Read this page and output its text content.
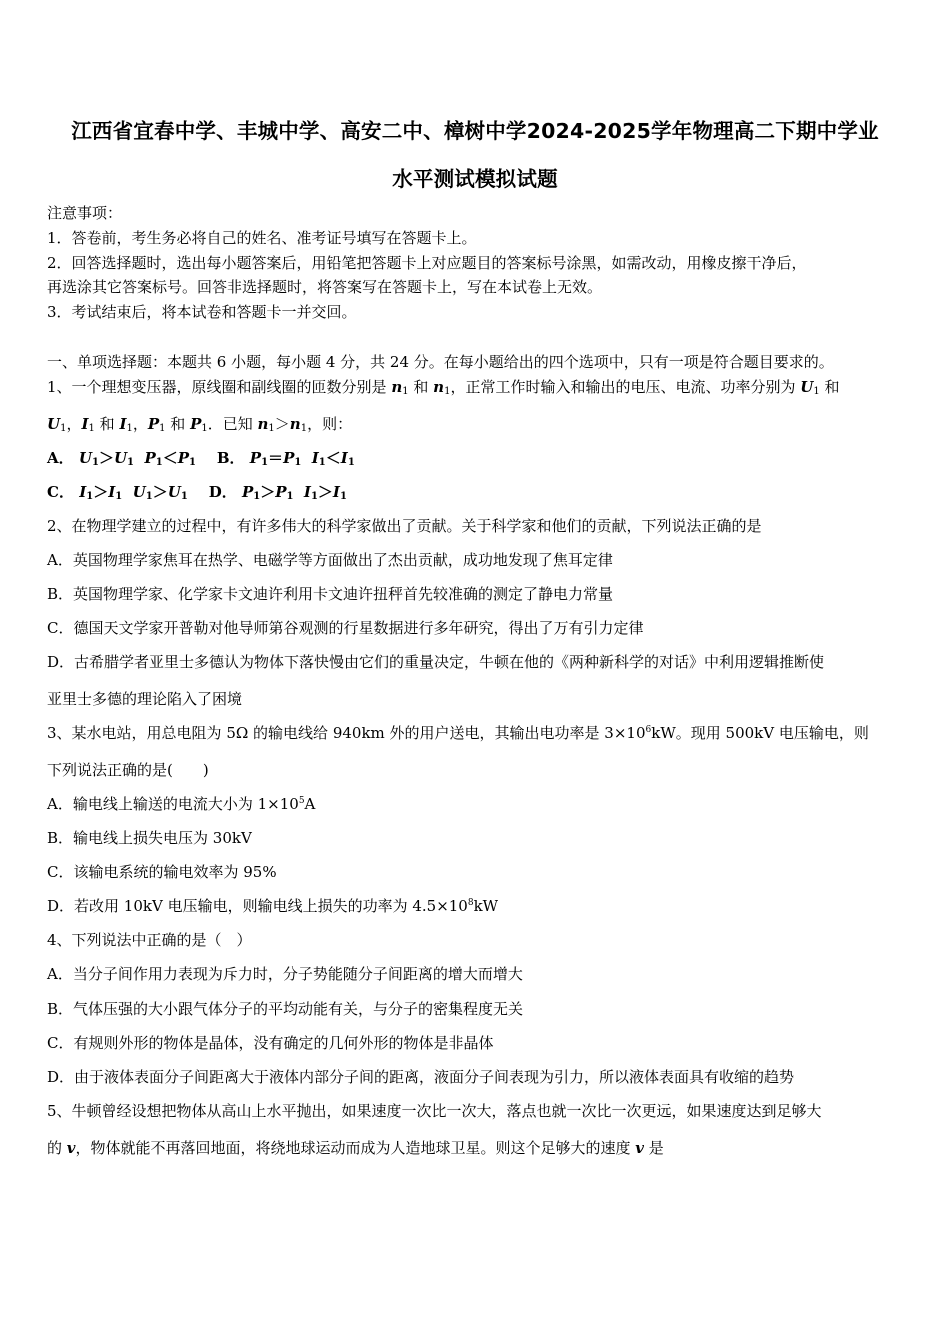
江西省宜春中学、丰城中学、高安二中、樟树中学2024-2025学年物理高二下期中学业
水平测试模拟试题
注意事项：
1．答卷前，考生务必将自己的姓名、准考证号填写在答题卡上。
2．回答选择题时，选出每小题答案后，用铅笔把答题卡上对应题目的答案标号涂黑，如需改动，用橡皮擦干净后，
再选涂其它答案标号。回答非选择题时，将答案写在答题卡上，写在本试卷上无效。
3．考试结束后，将本试卷和答题卡一并交回。
一、单项选择题：本题共 6 小题，每小题 4 分，共 24 分。在每小题给出的四个选项中，只有一项是符合题目要求的。
1、一个理想变压器，原线圈和副线圈的匝数分别是 $n_1$ 和 $n_1$，正常工作时输入和输出的电压、电流、功率分别为 $U_1$ 和
$U_1$，$I_1$ 和 $I_1$，$P_1$ 和 $P_1$．已知 $n_1>n_1$，则：
A． $U_1>U_1$ $P_1<P_1$ B． $P_1=P_1$ $I_1<I_1$
C． $I_1>I_1$ $U_1>U_1$ D． $P_1>P_1$ $I_1>I_1$
2、在物理学建立的过程中，有许多伟大的科学家做出了贡献。关于科学家和他们的贡献，下列说法正确的是
A．英国物理学家焦耳在热学、电磁学等方面做出了杰出贡献，成功地发现了焦耳定律
B．英国物理学家、化学家卡文迪许利用卡文迪许扭秤首先较准确的测定了静电力常量
C．德国天文学家开普勒对他导师第谷观测的行星数据进行多年研究，得出了万有引力定律
D．古希腊学者亚里士多德认为物体下落快慢由它们的重量决定，牛顿在他的《两种新科学的对话》中利用逻辑推断使
亚里士多德的理论陷入了困境
3、某水电站，用总电阻为 5Ω 的输电线给 940km 外的用户送电，其输出电功率是 $3\times 10^6kW$。现用 500kV 电压输电，则
下列说法正确的是(　　)
A．输电线上输送的电流大小为 $1\times 10^5A$
B．输电线上损失电压为 30kV
C．该输电系统的输电效率为 95%
D．若改用 10kV 电压输电，则输电线上损失的功率为 $4.5\times 10^8kW$
4、下列说法中正确的是（　）
A．当分子间作用力表现为斥力时，分子势能随分子间距离的增大而增大
B．气体压强的大小跟气体分子的平均动能有关，与分子的密集程度无关
C．有规则外形的物体是晶体，没有确定的几何外形的物体是非晶体
D．由于液体表面分子间距离大于液体内部分子间的距离，液面分子间表现为引力，所以液体表面具有收缩的趋势
5、牛顿曾经设想把物体从高山上水平抛出，如果速度一次比一次大，落点也就一次比一次更远，如果速度达到足够大
的 v，物体就能不再落回地面，将绕地球运动而成为人造地球卫星。则这个足够大的速度 v 是
